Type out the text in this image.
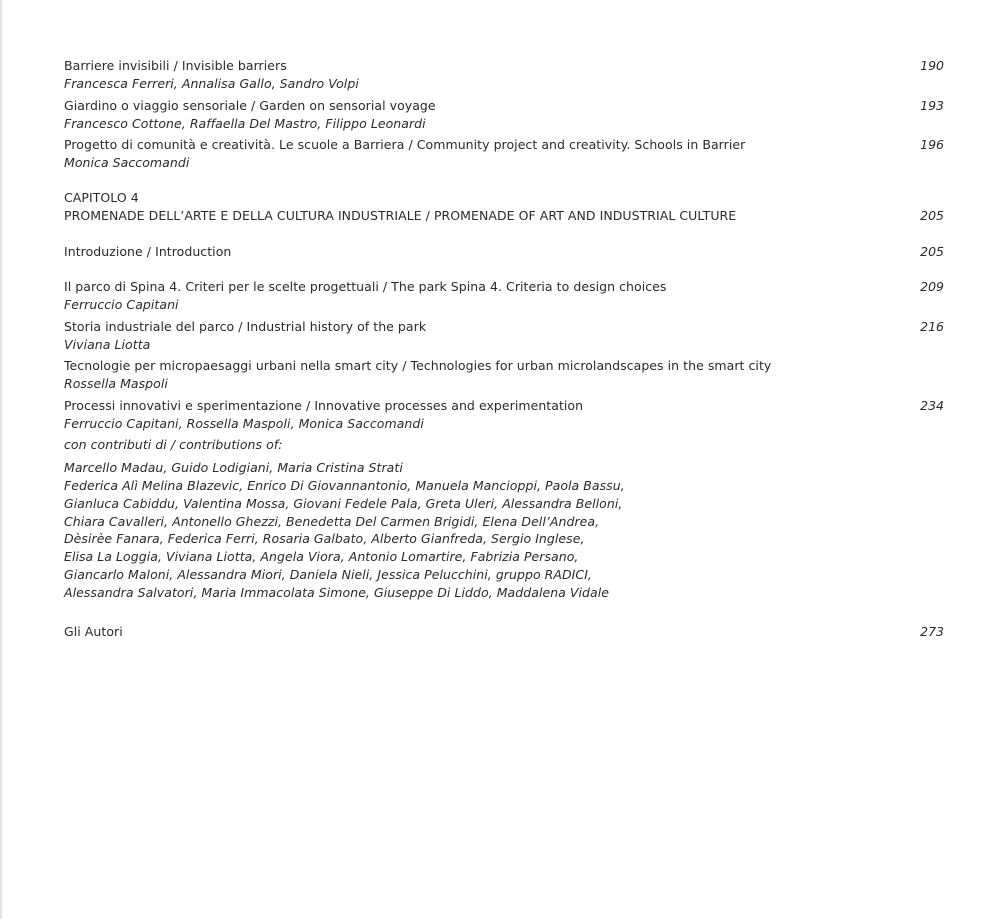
Barriere invisibili / Invisible barriers	190
Francesca Ferreri, Annalisa Gallo, Sandro Volpi
Giardino o viaggio sensoriale / Garden on sensorial voyage	193
Francesco Cottone, Raffaella Del Mastro, Filippo Leonardi
Progetto di comunità e creatività. Le scuole a Barriera / Community project and creativity. Schools in Barrier	196
Monica Saccomandi
CAPITOLO 4
PROMENADE DELL’ARTE E DELLA CULTURA INDUSTRIALE / PROMENADE OF ART AND INDUSTRIAL CULTURE	205
Introduzione / Introduction	205
Il parco di Spina 4. Criteri per le scelte progettuali / The park Spina 4. Criteria to design choices	209
Ferruccio Capitani
Storia industriale del parco / Industrial history of the park	216
Viviana Liotta
Tecnologie per micropaesaggi urbani nella smart city / Technologies for urban microlandscapes in the smart city
Rossella Maspoli
Processi innovativi e sperimentazione / Innovative processes and experimentation	234
Ferruccio Capitani, Rossella Maspoli, Monica Saccomandi
con contributi di / contributions of:
Marcello Madau, Guido Lodigiani, Maria Cristina Strati
Federica Alì Melina Blazevic, Enrico Di Giovannantonio, Manuela Mancioppi, Paola Bassu,
Gianluca Cabiddu, Valentina Mossa, Giovani Fedele Pala, Greta Uleri, Alessandra Belloni,
Chiara Cavalleri, Antonello Ghezzi, Benedetta Del Carmen Brigidi, Elena Dell’Andrea,
Dèsirèe Fanara, Federica Ferri, Rosaria Galbato, Alberto Gianfreda, Sergio Inglese,
Elisa La Loggia, Viviana Liotta, Angela Viora, Antonio Lomartire, Fabrizia Persano,
Giancarlo Maloni, Alessandra Miori, Daniela Nieli, Jessica Pelucchini, gruppo RADICI,
Alessandra Salvatori, Maria Immacolata Simone, Giuseppe Di Liddo, Maddalena Vidale
Gli Autori	273
